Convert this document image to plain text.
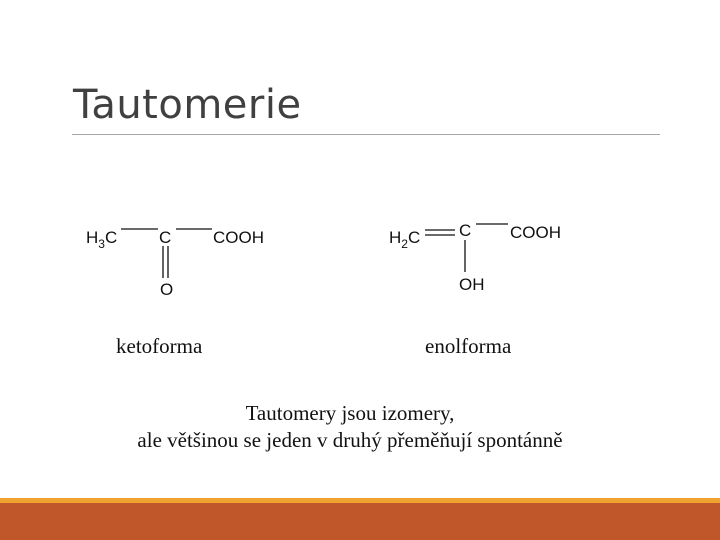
Tautomerie
$H_3C$ C COOH
O
$H_2C$ C COOH
OH
ketoforma	enolforma
Tautomery jsou izomery,
ale většinou se jeden v druhý přeměňují spontánně
